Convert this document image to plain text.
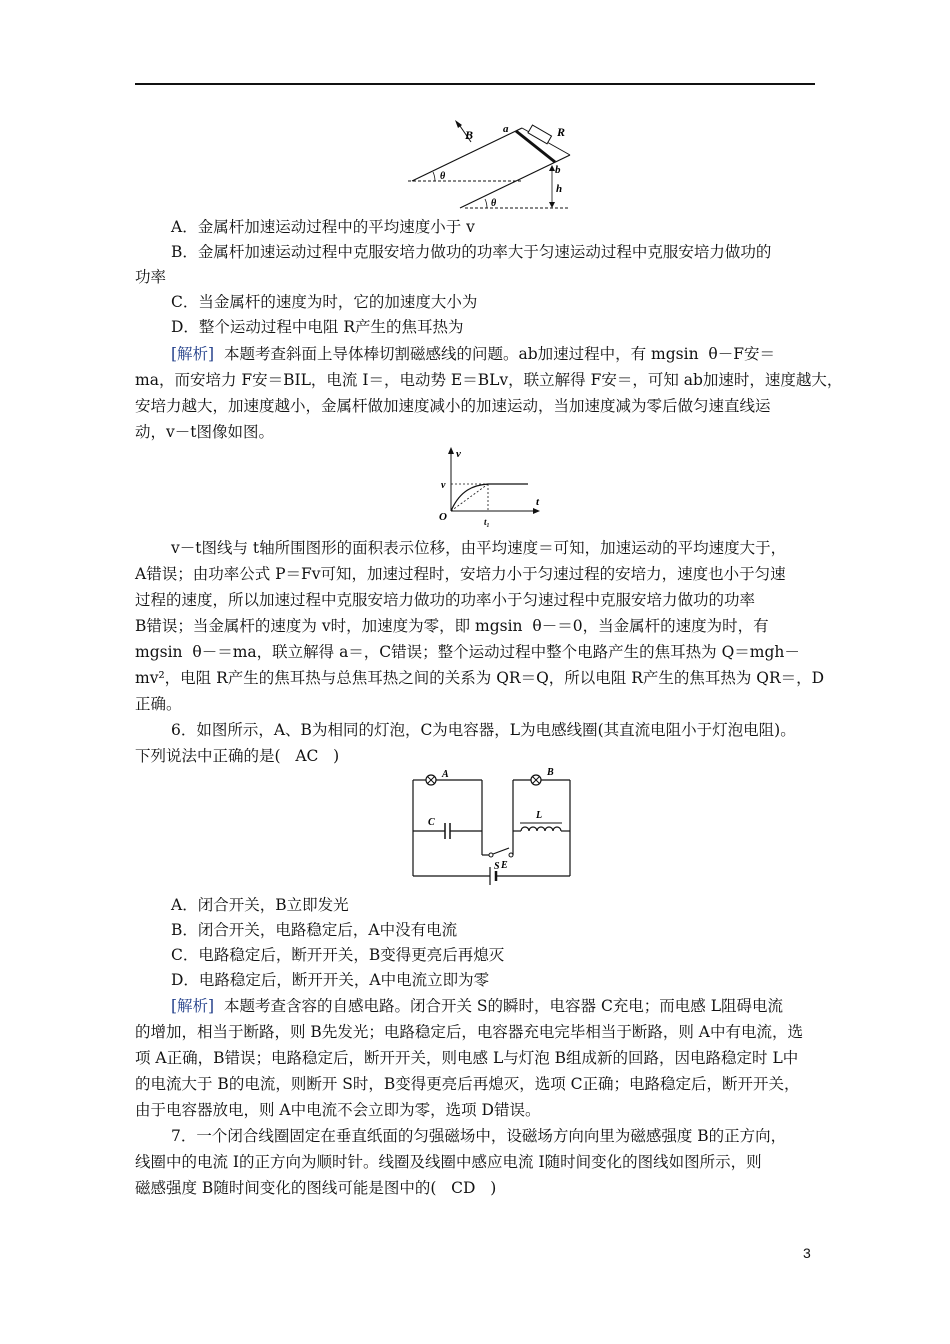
B	a	R
b
h
θ
θ
A．金属杆加速运动过程中的平均速度小于 v
B．金属杆加速运动过程中克服安培力做功的功率大于匀速运动过程中克服安培力做功的
功率
C．当金属杆的速度为时，它的加速度大小为
D．整个运动过程中电阻 R产生的焦耳热为
[解析]  本题考查斜面上导体棒切割磁感线的问题。ab加速过程中，有 mgsin  θ－F安＝
ma，而安培力 F安＝BIL，电流 I＝，电动势 E＝BLv，联立解得 F安＝，可知 ab加速时，速度越大，
安培力越大，加速度越小，金属杆做加速度减小的加速运动，当加速度减为零后做匀速直线运
动，v－t图像如图。
v
v
t
O	t₁
v－t图线与 t轴所围图形的面积表示位移，由平均速度＝可知，加速运动的平均速度大于，
A错误；由功率公式 P＝Fv可知，加速过程时，安培力小于匀速过程的安培力，速度也小于匀速
过程的速度，所以加速过程中克服安培力做功的功率小于匀速过程中克服安培力做功的功率
B错误；当金属杆的速度为 v时，加速度为零，即 mgsin  θ－＝0，当金属杆的速度为时，有
mgsin  θ－＝ma，联立解得 a＝，C错误；整个运动过程中整个电路产生的焦耳热为 Q＝mgh－
mv²，电阻 R产生的焦耳热与总焦耳热之间的关系为 QR＝Q，所以电阻 R产生的焦耳热为 QR＝，D
正确。
6．如图所示，A、B为相同的灯泡，C为电容器，L为电感线圈(其直流电阻小于灯泡电阻)。
下列说法中正确的是(   AC   )
A	B
C
S
L
E
A．闭合开关，B立即发光
B．闭合开关，电路稳定后，A中没有电流
C．电路稳定后，断开开关，B变得更亮后再熄灭
D．电路稳定后，断开开关，A中电流立即为零
[解析]  本题考查含容的自感电路。闭合开关 S的瞬时，电容器 C充电；而电感 L阻碍电流
的增加，相当于断路，则 B先发光；电路稳定后，电容器充电完毕相当于断路，则 A中有电流，选
项 A正确，B错误；电路稳定后，断开开关，则电感 L与灯泡 B组成新的回路，因电路稳定时 L中
的电流大于 B的电流，则断开 S时，B变得更亮后再熄灭，选项 C正确；电路稳定后，断开开关，
由于电容器放电，则 A中电流不会立即为零，选项 D错误。
7．一个闭合线圈固定在垂直纸面的匀强磁场中，设磁场方向向里为磁感强度 B的正方向，
线圈中的电流 I的正方向为顺时针。线圈及线圈中感应电流 I随时间变化的图线如图所示，则
磁感强度 B随时间变化的图线可能是图中的(   CD   )
3
